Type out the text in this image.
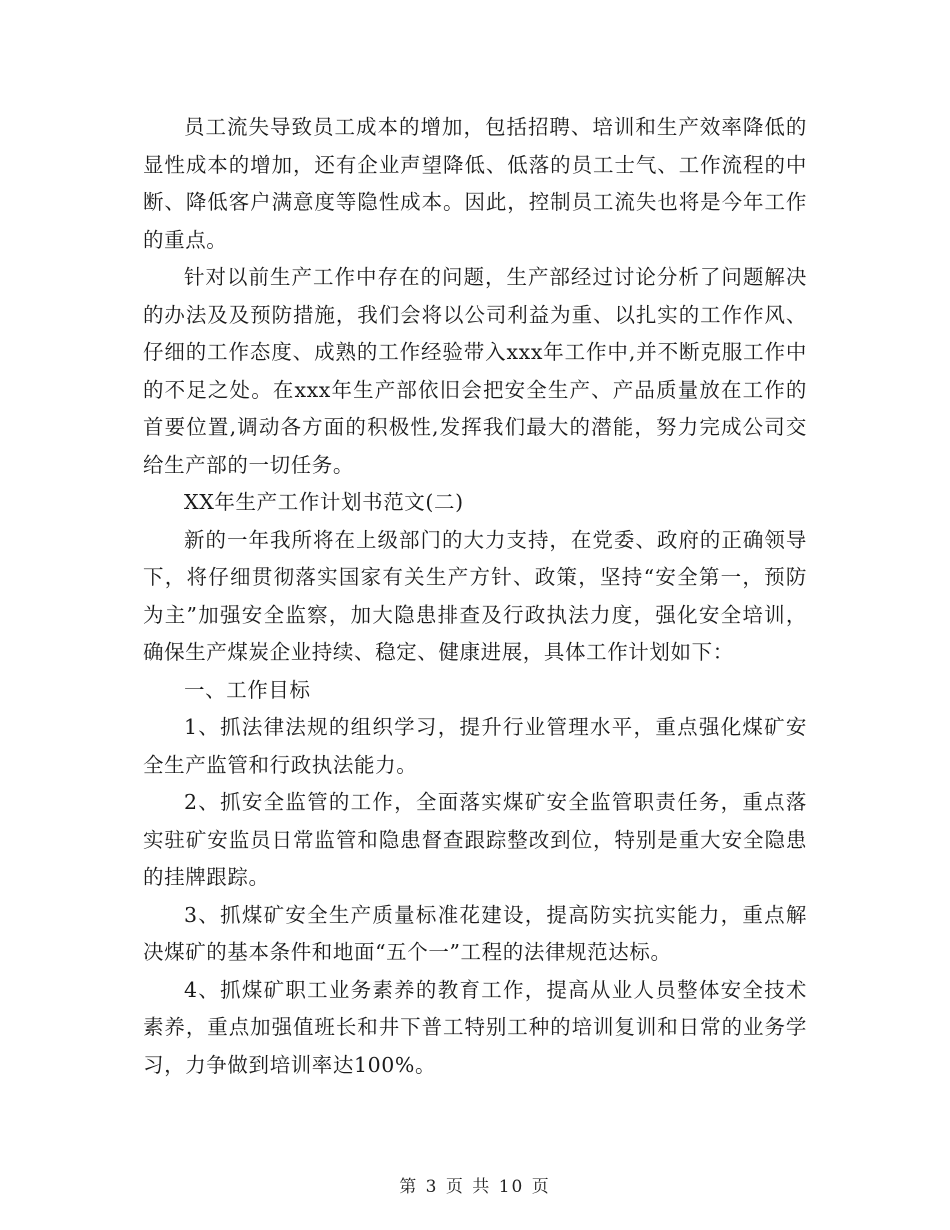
员工流失导致员工成本的增加，包括招聘、培训和生产效率降低的显性成本的增加，还有企业声望降低、低落的员工士气、工作流程的中断、降低客户满意度等隐性成本。因此，控制员工流失也将是今年工作的重点。

针对以前生产工作中存在的问题，生产部经过讨论分析了问题解决的办法及及预防措施，我们会将以公司利益为重、以扎实的工作作风、仔细的工作态度、成熟的工作经验带入xxx年工作中,并不断克服工作中的不足之处。在xxx年生产部依旧会把安全生产、产品质量放在工作的首要位置,调动各方面的积极性,发挥我们最大的潜能，努力完成公司交给生产部的一切任务。

XX年生产工作计划书范文(二)

新的一年我所将在上级部门的大力支持，在党委、政府的正确领导下，将仔细贯彻落实国家有关生产方针、政策，坚持“安全第一，预防为主”加强安全监察，加大隐患排查及行政执法力度，强化安全培训，确保生产煤炭企业持续、稳定、健康进展，具体工作计划如下：

一、工作目标

1、抓法律法规的组织学习，提升行业管理水平，重点强化煤矿安全生产监管和行政执法能力。

2、抓安全监管的工作，全面落实煤矿安全监管职责任务，重点落实驻矿安监员日常监管和隐患督查跟踪整改到位，特别是重大安全隐患的挂牌跟踪。

3、抓煤矿安全生产质量标准花建设，提高防实抗实能力，重点解决煤矿的基本条件和地面“五个一”工程的法律规范达标。

4、抓煤矿职工业务素养的教育工作，提高从业人员整体安全技术素养，重点加强值班长和井下普工特别工种的培训复训和日常的业务学习，力争做到培训率达100%。

第 3 页 共 10 页
